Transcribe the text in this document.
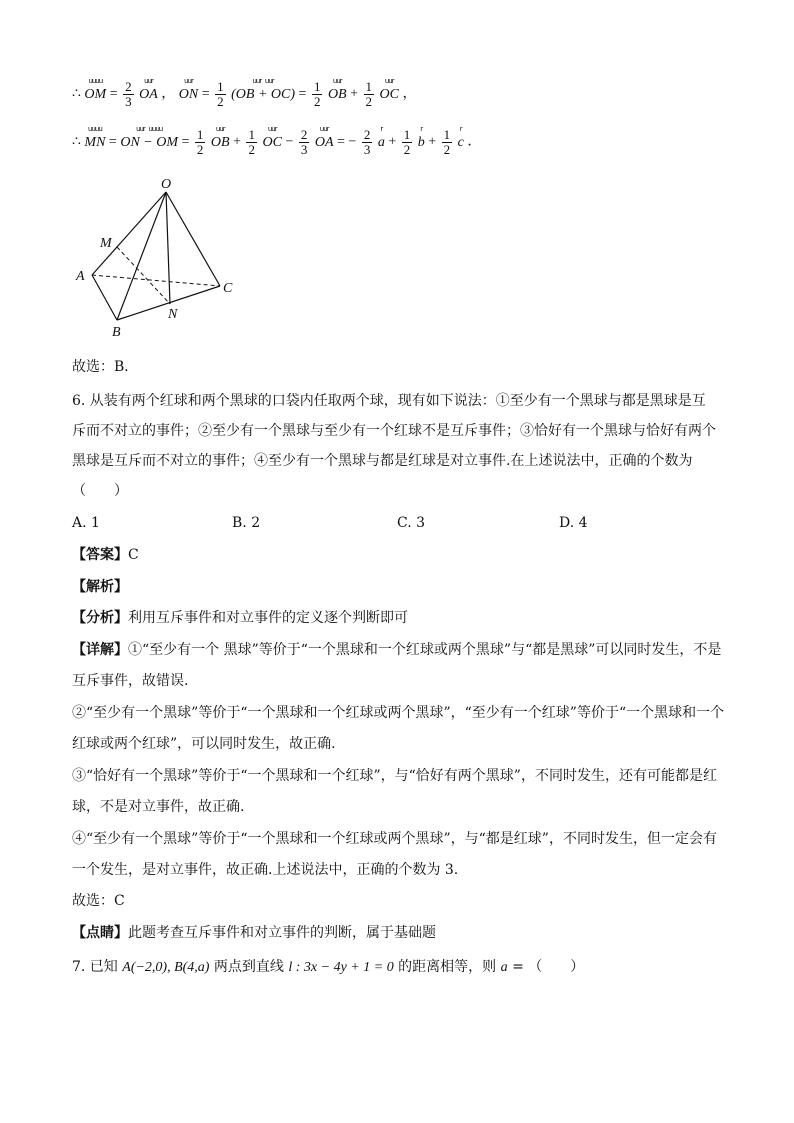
∴
uuuu
OM = $\frac{2}{3}$
	uur
OA ，
uur
ON = $\frac{1}{2}$
	uur   uur
$(OB + OC) = \frac{1}{2}$
	uur
OB + $\frac{1}{2}$
	uur
OC ，
∴
uuuu
MN =
uur   uuuu
ON − OM = $\frac{1}{2}$
	uur
OB + $\frac{1}{2}$
	uur
OC − $\frac{2}{3}$
	uur
OA = − $\frac{2}{3}$
	r
$a + \frac{1}{2}$
	r
$b + \frac{1}{2}$
	r
c ．
O
M
A
C
N
B
故选：B．
6. 从装有两个红球和两个黑球的口袋内任取两个球，现有如下说法：①至少有一个黑球与都是黑球是互
斥而不对立的事件；②至少有一个黑球与至少有一个红球不是互斥事件；③恰好有一个黑球与恰好有两个
黑球是互斥而不对立的事件；④至少有一个黑球与都是红球是对立事件.在上述说法中，正确的个数为
（　　）
A. 1	B. 2	C. 3	D. 4
【答案】C
【解析】
【分析】利用互斥事件和对立事件的定义逐个判断即可
【详解】①“至少有一个 黑球”等价于“一个黑球和一个红球或两个黑球”与“都是黑球”可以同时发生，不是
互斥事件，故错误.
②“至少有一个黑球”等价于“一个黑球和一个红球或两个黑球”，“至少有一个红球”等价于“一个黑球和一个
红球或两个红球”，可以同时发生，故正确.
③“恰好有一个黑球”等价于“一个黑球和一个红球”，与“恰好有两个黑球”，不同时发生，还有可能都是红
球，不是对立事件，故正确.
④“至少有一个黑球”等价于“一个黑球和一个红球或两个黑球”，与“都是红球”，不同时发生，但一定会有
一个发生，是对立事件，故正确.上述说法中，正确的个数为 3.
故选：C
【点睛】此题考查互斥事件和对立事件的判断，属于基础题
7. 已知 A(−2,0), B(4,a) 两点到直线 l : 3x − 4y + 1 = 0 的距离相等，则 a = （　　）
